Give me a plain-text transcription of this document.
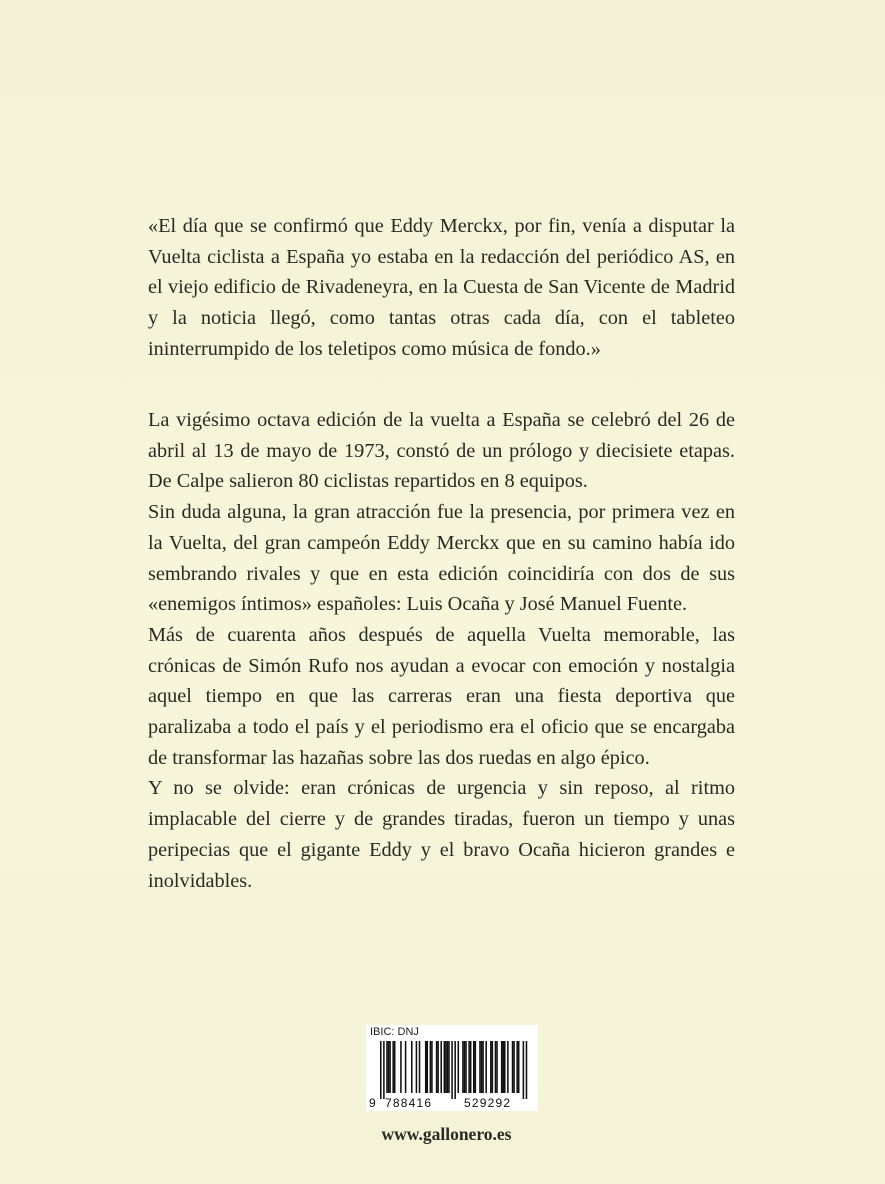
«El día que se confirmó que Eddy Merckx, por fin, venía a disputar la Vuelta ciclista a España yo estaba en la redacción del periódico AS, en el viejo edificio de Rivadeneyra, en la Cuesta de San Vicente de Madrid y la noticia llegó, como tantas otras cada día, con el tableteo ininterrumpido de los teletipos como música de fondo.»

La vigésimo octava edición de la vuelta a España se celebró del 26 de abril al 13 de mayo de 1973, constó de un prólogo y diecisiete etapas. De Calpe salieron 80 ciclistas repartidos en 8 equipos.

Sin duda alguna, la gran atracción fue la presencia, por primera vez en la Vuelta, del gran campeón Eddy Merckx que en su camino había ido sembrando rivales y que en esta edición coincidiría con dos de sus «enemigos íntimos» españoles: Luis Ocaña y José Manuel Fuente.

Más de cuarenta años después de aquella Vuelta memorable, las crónicas de Simón Rufo nos ayudan a evocar con emoción y nostalgia aquel tiempo en que las carreras eran una fiesta deportiva que paralizaba a todo el país y el periodismo era el oficio que se encargaba de transformar las hazañas sobre las dos ruedas en algo épico.

Y no se olvide: eran crónicas de urgencia y sin reposo, al ritmo implacable del cierre y de grandes tiradas, fueron un tiempo y unas peripecias que el gigante Eddy y el bravo Ocaña hicieron grandes e inolvidables.

IBIC: DNJ
9 788416	529292
www.gallonero.es
